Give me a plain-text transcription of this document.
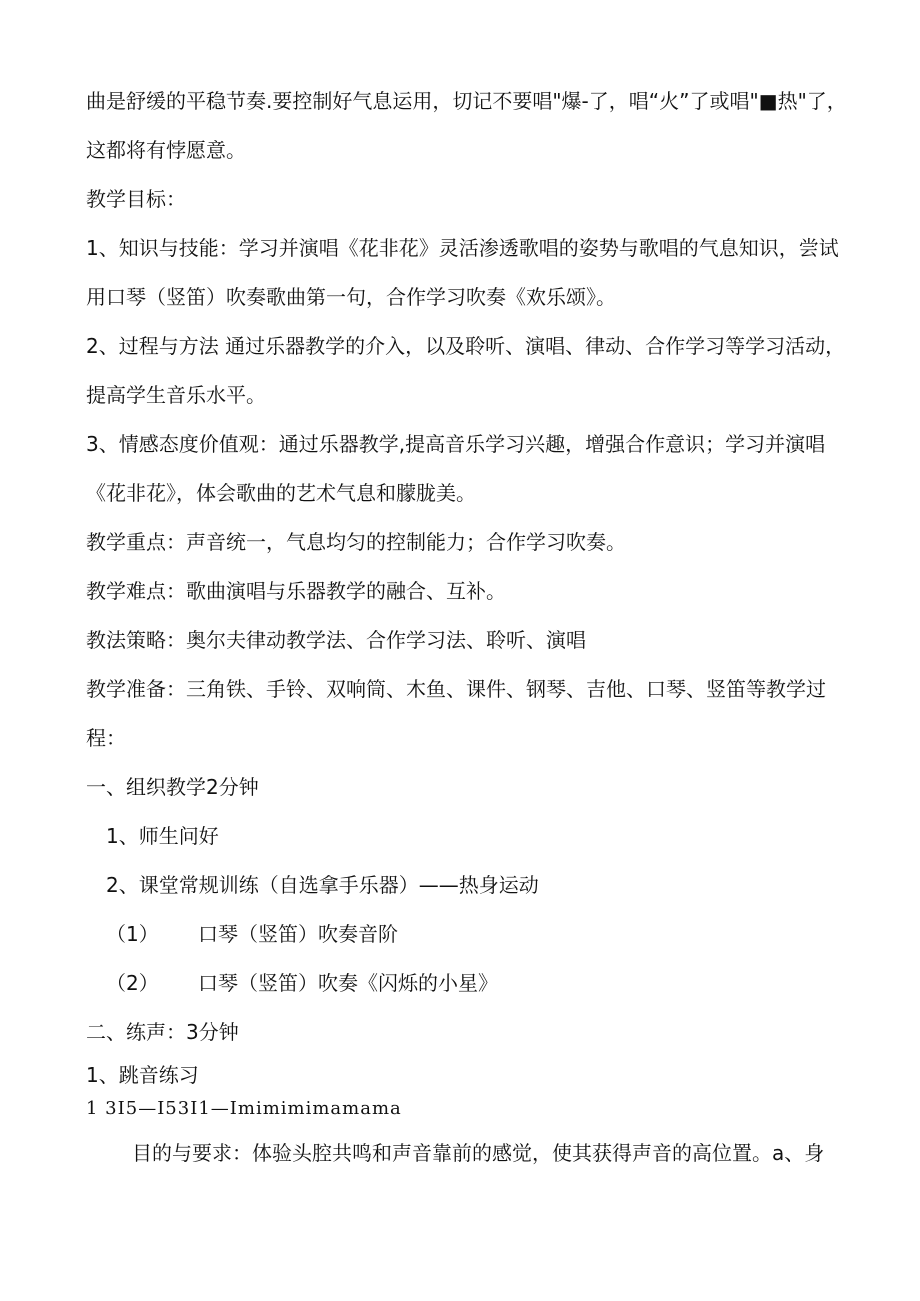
曲是舒缓的平稳节奏.要控制好气息运用，切记不要唱"爆-了，唱“火”了或唱"■热"了，

这都将有悖愿意。

教学目标：

1、知识与技能：学习并演唱《花非花》灵活渗透歌唱的姿势与歌唱的气息知识，尝试

用口琴（竖笛）吹奏歌曲第一句，合作学习吹奏《欢乐颂》。

2、过程与方法 通过乐器教学的介入，以及聆听、演唱、律动、合作学习等学习活动，

提高学生音乐水平。

3、情感态度价值观：通过乐器教学,提高音乐学习兴趣，增强合作意识；学习并演唱

《花非花》，体会歌曲的艺术气息和朦胧美。

教学重点：声音统一，气息均匀的控制能力；合作学习吹奏。

教学难点：歌曲演唱与乐器教学的融合、互补。

教法策略：奥尔夫律动教学法、合作学习法、聆听、演唱

教学准备：三角铁、手铃、双响筒、木鱼、课件、钢琴、吉他、口琴、竖笛等教学过

程：

一、组织教学2分钟

1、师生问好

2、课堂常规训练（自选拿手乐器）——热身运动

（1） 口琴（竖笛）吹奏音阶

（2） 口琴（竖笛）吹奏《闪烁的小星》

二、练声：3分钟

1、跳音练习

1 3I5—I53I1—Imimimimamama

目的与要求：体验头腔共鸣和声音靠前的感觉，使其获得声音的高位置。a、身
